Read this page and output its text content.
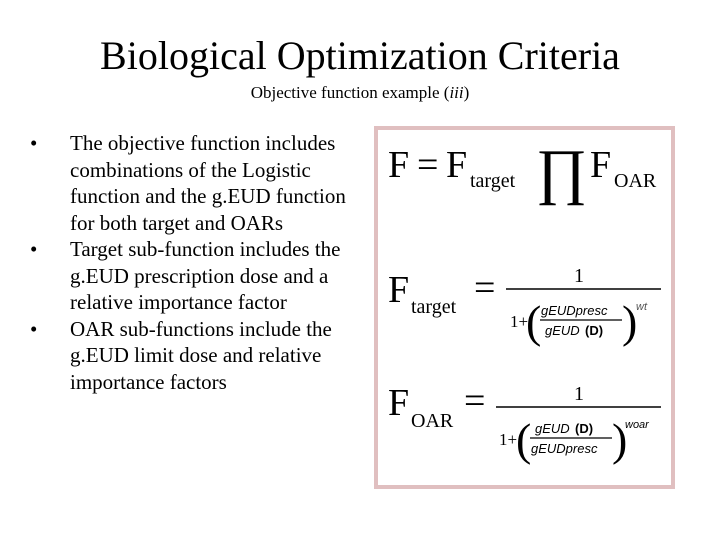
Biological Optimization Criteria
Objective function example (iii)
• The objective function includes combinations of the Logistic function and the g.EUD function for both target and OARs
• Target sub-function includes the g.EUD prescription dose and a relative importance factor
• OAR sub-functions include the g.EUD limit dose and relative importance factors
F = F target ∏ F OAR
F target =	1
1+
( gEUDpresc
gEUD (D) )
wt
F OAR =	1
1+
( gEUD (D)
gEUDpresc )
woar
